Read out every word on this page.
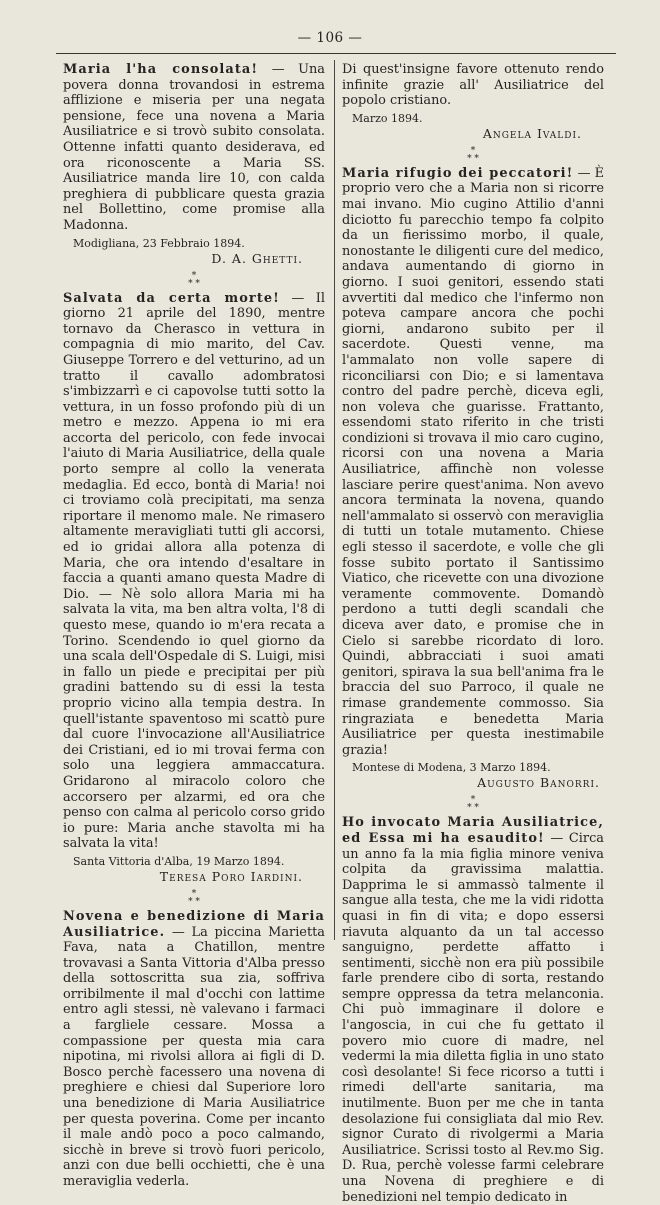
— 106 —

Maria l'ha consolata! — Una povera donna trovandosi in estrema afflizione e miseria per una negata pensione, fece una novena a Maria Ausiliatrice e si trovò subito consolata. Ottenne infatti quanto desiderava, ed ora riconoscente a Maria SS. Ausiliatrice manda lire 10, con calda preghiera di pubblicare questa grazia nel Bollettino, come promise alla Madonna.

Modigliana, 23 Febbraio 1894.
D. A. Ghetti.
*
* *

Salvata da certa morte! — Il giorno 21 aprile del 1890, mentre tornavo da Cherasco in vettura in compagnia di mio marito, del Cav. Giuseppe Torrero e del vetturino, ad un tratto il cavallo adombratosi s'imbizzarrì e ci capovolse tutti sotto la vettura, in un fosso profondo più di un metro e mezzo. Appena io mi era accorta del pericolo, con fede invocai l'aiuto di Maria Ausiliatrice, della quale porto sempre al collo la venerata medaglia. Ed ecco, bontà di Maria! noi ci troviamo colà precipitati, ma senza riportare il menomo male. Ne rimasero altamente meravigliati tutti gli accorsi, ed io gridai allora alla potenza di Maria, che ora intendo d'esaltare in faccia a quanti amano questa Madre di Dio. — Nè solo allora Maria mi ha salvata la vita, ma ben altra volta, l'8 di questo mese, quando io m'era recata a Torino. Scendendo io quel giorno da una scala dell'Ospedale di S. Luigi, misi in fallo un piede e precipitai per più gradini battendo su di essi la testa proprio vicino alla tempia destra. In quell'istante spaventoso mi scattò pure dal cuore l'invocazione all'Ausiliatrice dei Cristiani, ed io mi trovai ferma con solo una leggiera ammaccatura. Gridarono al miracolo coloro che accorsero per alzarmi, ed ora che penso con calma al pericolo corso grido io pure: Maria anche stavolta mi ha salvata la vita!

Santa Vittoria d'Alba, 19 Marzo 1894.
Teresa Poro Iardini.
*
* *

Novena e benedizione di Maria Ausiliatrice. — La piccina Marietta Fava, nata a Chatillon, mentre trovavasi a Santa Vittoria d'Alba presso della sottoscritta sua zia, soffriva orribilmente il mal d'occhi con lattime entro agli stessi, nè valevano i farmaci a fargliele cessare. Mossa a compassione per questa mia cara nipotina, mi rivolsi allora ai figli di D. Bosco perchè facessero una novena di preghiere e chiesi dal Superiore loro una benedizione di Maria Ausiliatrice per questa poverina. Come per incanto il male andò poco a poco calmando, sicchè in breve si trovò fuori pericolo, anzi con due belli occhietti, che è una meraviglia vederla.

Di quest'insigne favore ottenuto rendo infinite grazie all' Ausiliatrice del popolo cristiano.

Marzo 1894.
Angela Ivaldi.
*
* *

Maria rifugio dei peccatori! — È proprio vero che a Maria non si ricorre mai invano. Mio cugino Attilio d'anni diciotto fu parecchio tempo fa colpito da un fierissimo morbo, il quale, nonostante le diligenti cure del medico, andava aumentando di giorno in giorno. I suoi genitori, essendo stati avvertiti dal medico che l'infermo non poteva campare ancora che pochi giorni, andarono subito per il sacerdote. Questi venne, ma l'ammalato non volle sapere di riconciliarsi con Dio; e si lamentava contro del padre perchè, diceva egli, non voleva che guarisse. Frattanto, essendomi stato riferito in che tristi condizioni si trovava il mio caro cugino, ricorsi con una novena a Maria Ausiliatrice, affinchè non volesse lasciare perire quest'anima. Non avevo ancora terminata la novena, quando nell'ammalato si osservò con meraviglia di tutti un totale mutamento. Chiese egli stesso il sacerdote, e volle che gli fosse subito portato il Santissimo Viatico, che ricevette con una divozione veramente commovente. Domandò perdono a tutti degli scandali che diceva aver dato, e promise che in Cielo si sarebbe ricordato di loro. Quindi, abbracciati i suoi amati genitori, spirava la sua bell'anima fra le braccia del suo Parroco, il quale ne rimase grandemente commosso. Sia ringraziata e benedetta Maria Ausiliatrice per questa inestimabile grazia!

Montese di Modena, 3 Marzo 1894.
Augusto Banorri.
*
* *

Ho invocato Maria Ausiliatrice, ed Essa mi ha esaudito! — Circa un anno fa la mia figlia minore veniva colpita da gravissima malattia. Dapprima le si ammassò talmente il sangue alla testa, che me la vidi ridotta quasi in fin di vita; e dopo essersi riavuta alquanto da un tal accesso sanguigno, perdette affatto i sentimenti, sicchè non era più possibile farle prendere cibo di sorta, restando sempre oppressa da tetra melanconia. Chi può immaginare il dolore e l'angoscia, in cui che fu gettato il povero mio cuore di madre, nel vedermi la mia diletta figlia in uno stato così desolante! Si fece ricorso a tutti i rimedi dell'arte sanitaria, ma inutilmente. Buon per me che in tanta desolazione fui consigliata dal mio Rev. signor Curato di rivolgermi a Maria Ausiliatrice. Scrissi tosto al Rev.mo Sig. D. Rua, perchè volesse farmi celebrare una Novena di preghiere e di benedizioni nel tempio dedicato in
